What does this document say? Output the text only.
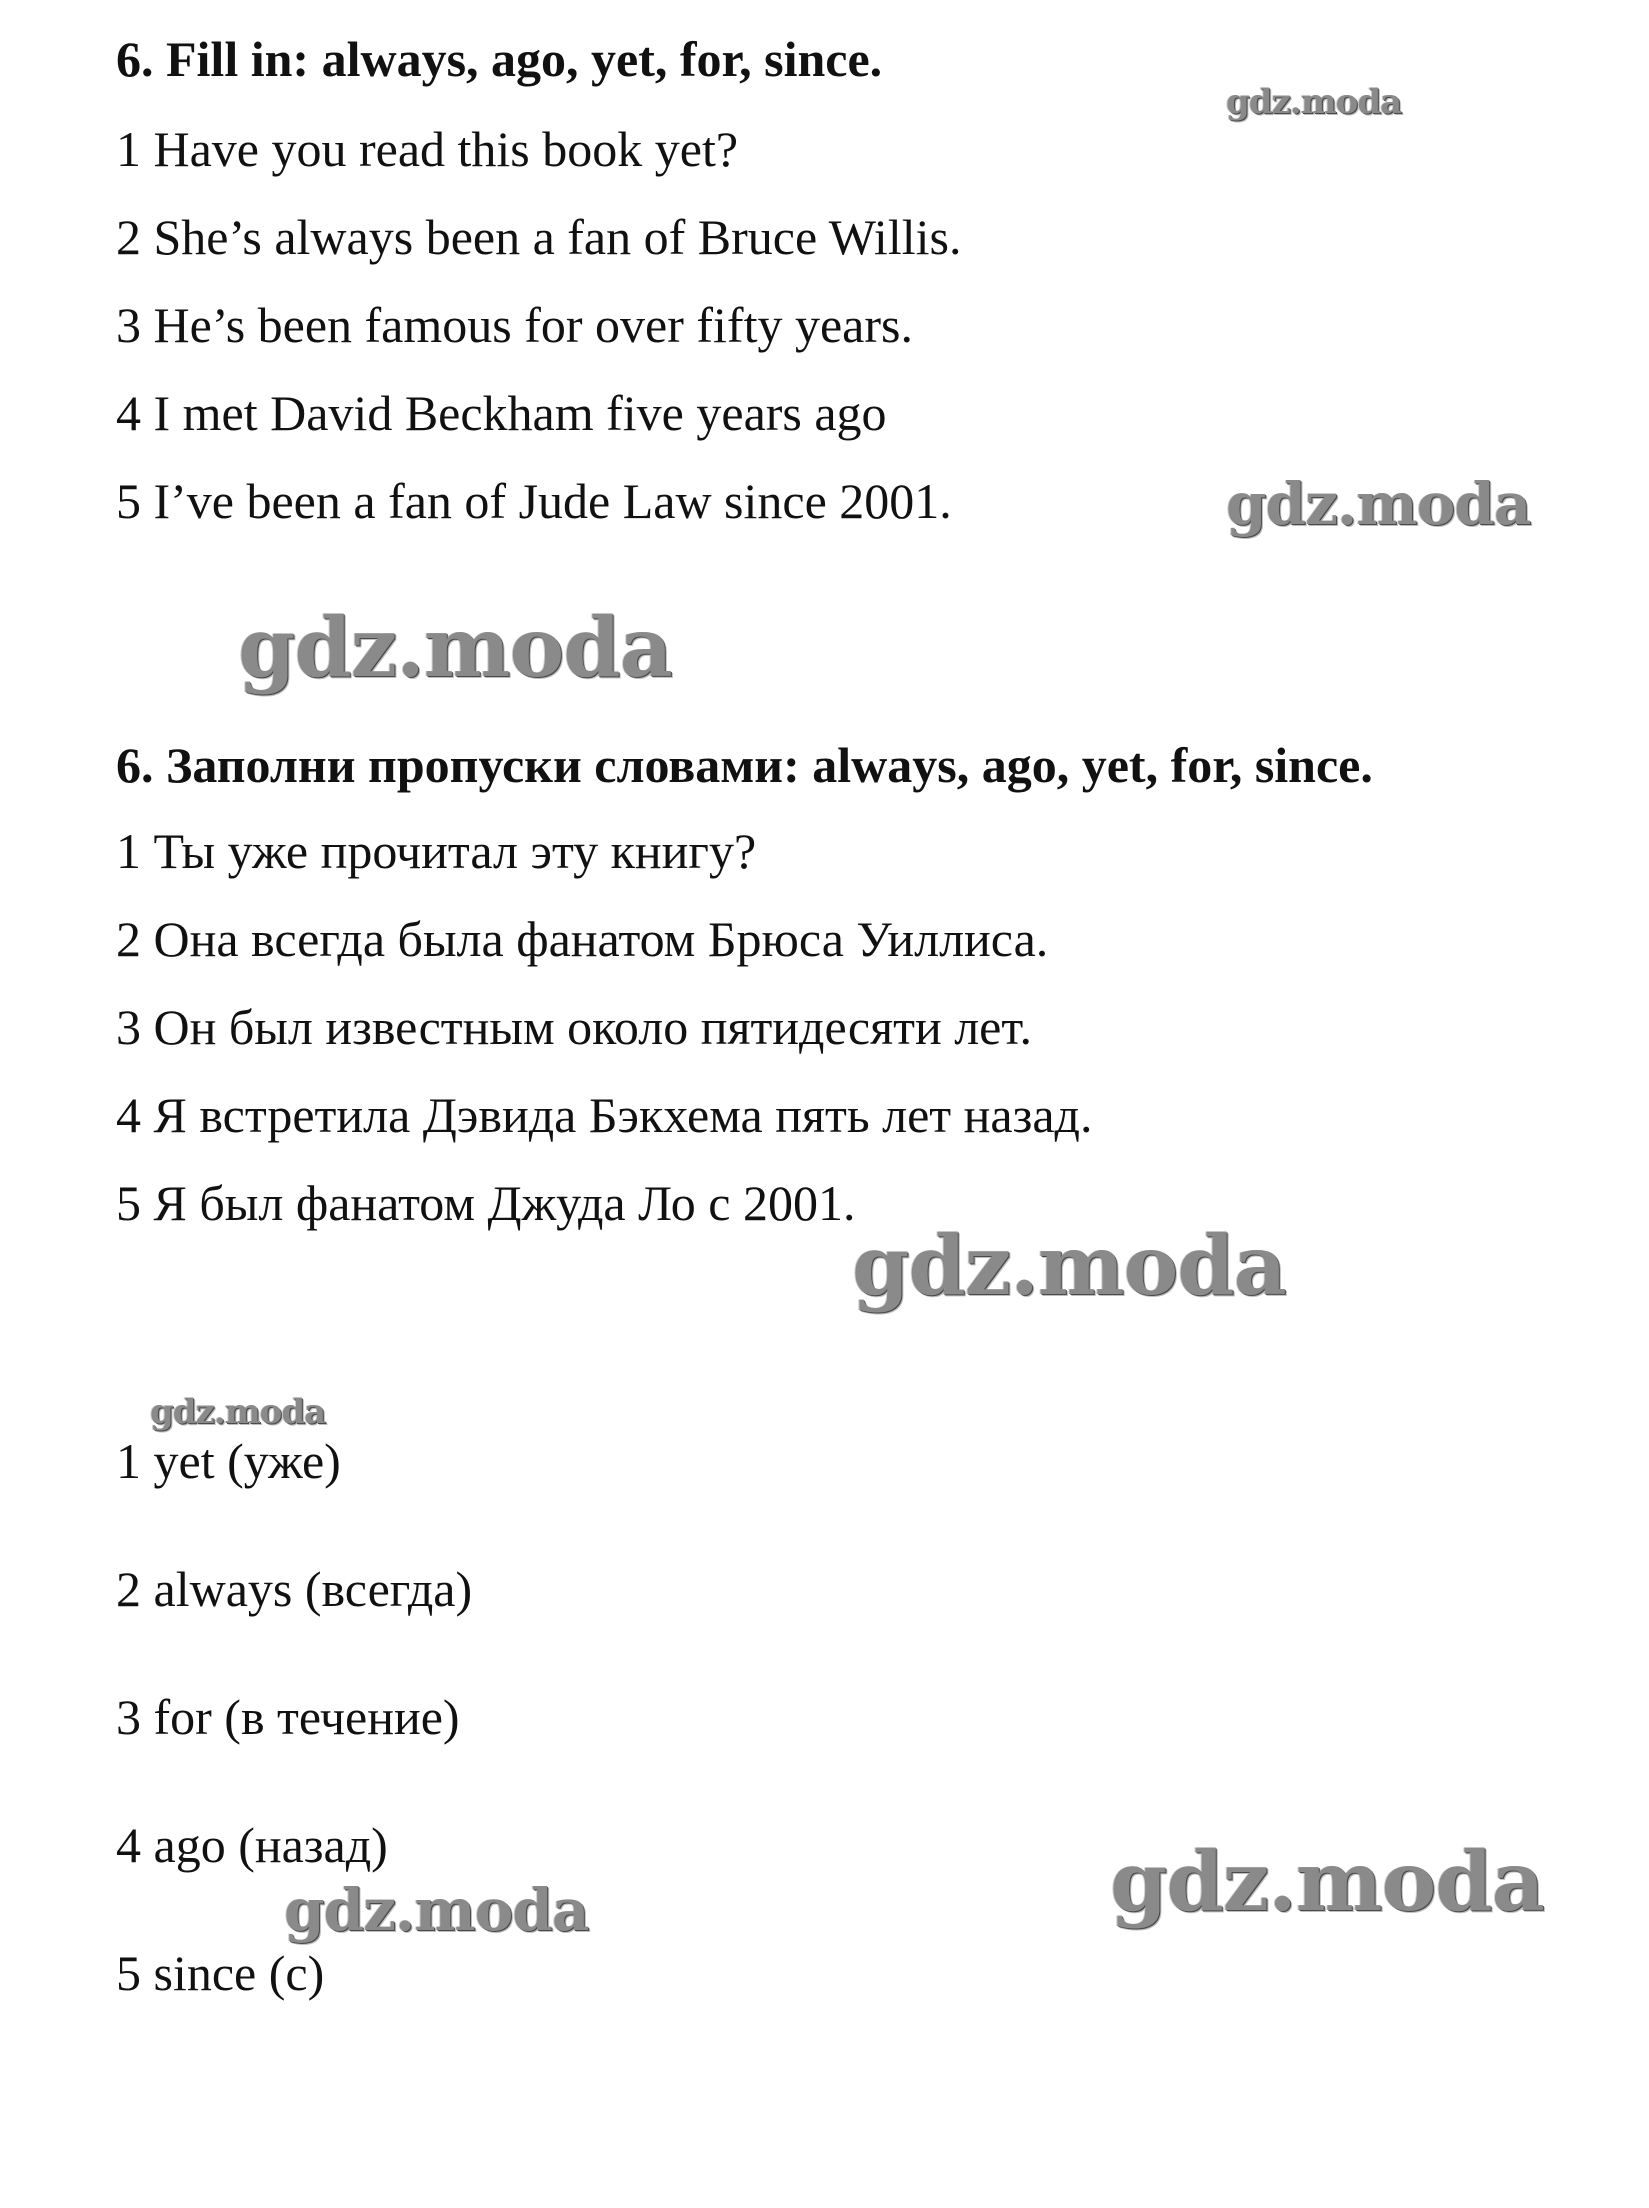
6. Fill in: always, ago, yet, for, since.

1 Have you read this book yet?

2 She’s always been a fan of Bruce Willis.

3 He’s been famous for over fifty years.

4 I met David Beckham five years ago

5 I’ve been a fan of Jude Law since 2001.

6. Заполни пропуски словами: always, ago, yet, for, since.

1 Ты уже прочитал эту книгу?

2 Она всегда была фанатом Брюса Уиллиса.

3 Он был известным около пятидесяти лет.

4 Я встретила Дэвида Бэкхема пять лет назад.

5 Я был фанатом Джуда Ло с 2001.

1 yet (уже)

2 always (всегда)

3 for (в течение)

4 ago (назад)

5 since (с)

gdz.moda
gdz.moda
gdz.moda
gdz.moda
gdz.moda
gdz.moda	gdz.moda
